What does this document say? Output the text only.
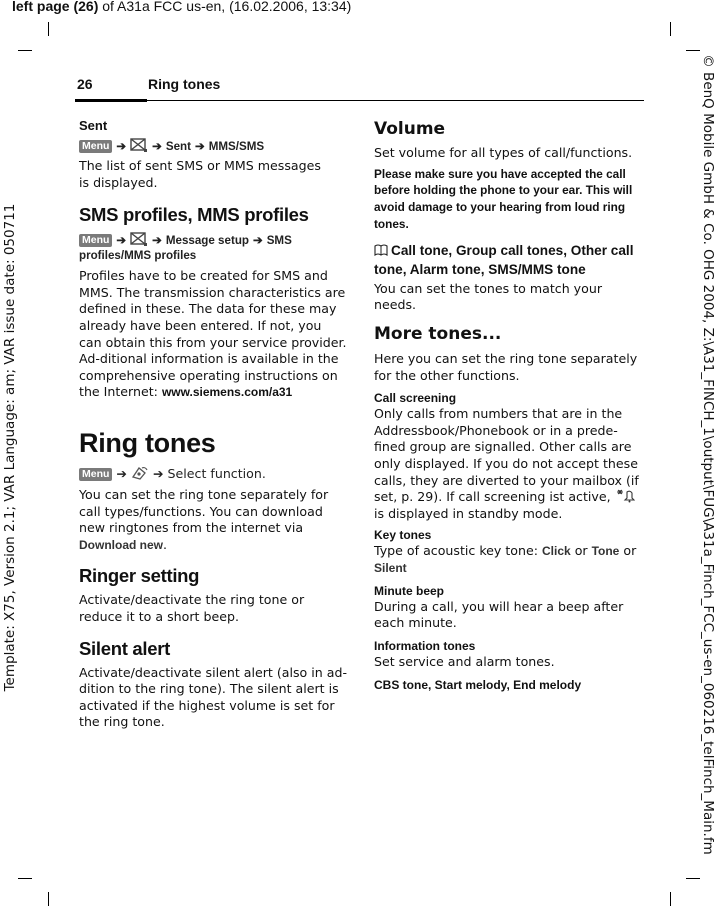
left page (26) of A31a FCC us-en, (16.02.2006, 13:34)
Template: X75, Version 2.1; VAR Language: am; VAR issue date: 050711	© BenQ Mobile GmbH & Co. OHG 2004, Z:\A31_FINCH_1\output\FUG\A31a_Finch_FCC_us-en_060216_telFinch_Main.fm
26	Ring tones

Sent

Menu ➔ ➔ Sent ➔ MMS/SMS

The list of sent SMS or MMS messages is displayed.

SMS profiles, MMS profiles

Menu ➔ ➔ Message setup ➔ SMS profiles/MMS profiles

Profiles have to be created for SMS and MMS. The transmission characteristics are defined in these. The data for these may already have been entered. If not, you can obtain this from your service provider. Ad-ditional information is available in the comprehensive operating instructions on the Internet: www.siemens.com/a31

Ring tones

Menu ➔ ➔ Select function.

You can set the ring tone separately for call types/functions. You can download new ringtones from the internet via Download new.

Ringer setting

Activate/deactivate the ring tone or reduce it to a short beep.

Silent alert

Activate/deactivate silent alert (also in ad-dition to the ring tone). The silent alert is activated if the highest volume is set for the ring tone.

Volume

Set volume for all types of call/functions.

Please make sure you have accepted the call before holding the phone to your ear. This will avoid damage to your hearing from loud ring tones.

Call tone, Group call tones, Other call tone, Alarm tone, SMS/MMS tone

You can set the tones to match your needs.

More tones...

Here you can set the ring tone separately for the other functions.

Call screening

Only calls from numbers that are in the Addressbook/Phonebook or in a prede-fined group are signalled. Other calls are only displayed. If you do not accept these calls, they are diverted to your mailbox (if set, p. 29). If call screening ist active,  is displayed in standby mode.

Key tones

Type of acoustic key tone: Click or Tone or
Silent

Minute beep

During a call, you will hear a beep after each minute.

Information tones

Set service and alarm tones.

CBS tone, Start melody, End melody
